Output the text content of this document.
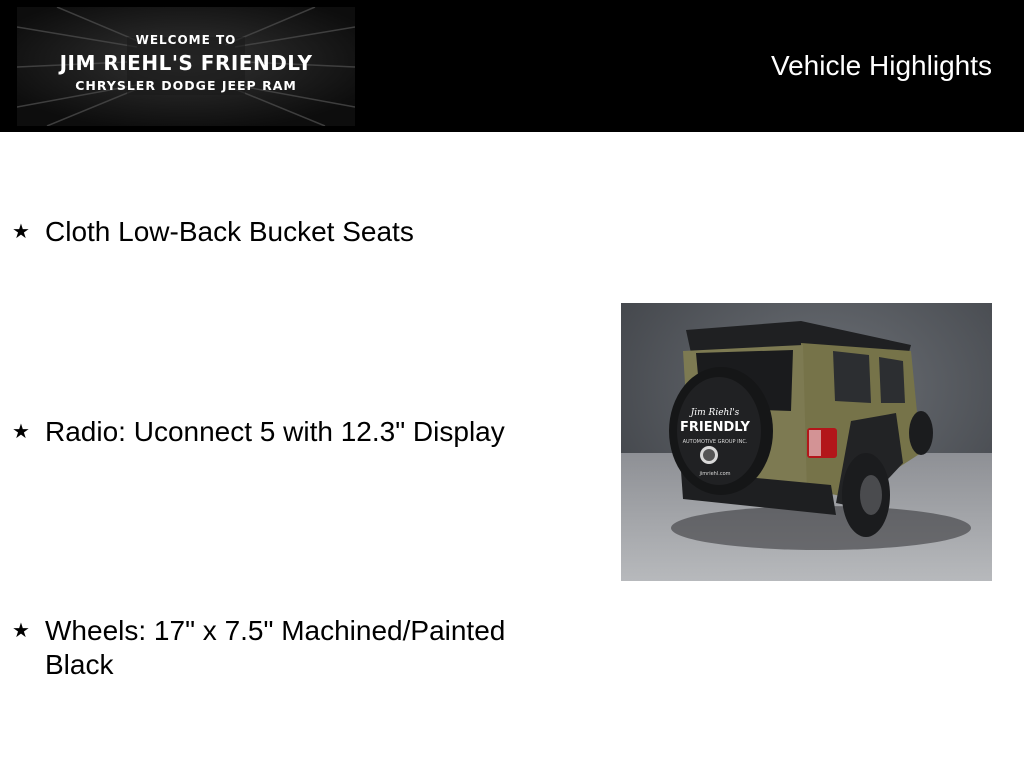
WELCOME TO
JIM RIEHL'S FRIENDLY
CHRYSLER DODGE JEEP RAM
Vehicle Highlights
★ Cloth Low-Back Bucket Seats
★ Radio: Uconnect 5 with 12.3" Display
★ Wheels: 17" x 7.5" Machined/Painted Black
Jim Riehl's
FRIENDLY
AUTOMOTIVE GROUP INC.
jimriehl.com
